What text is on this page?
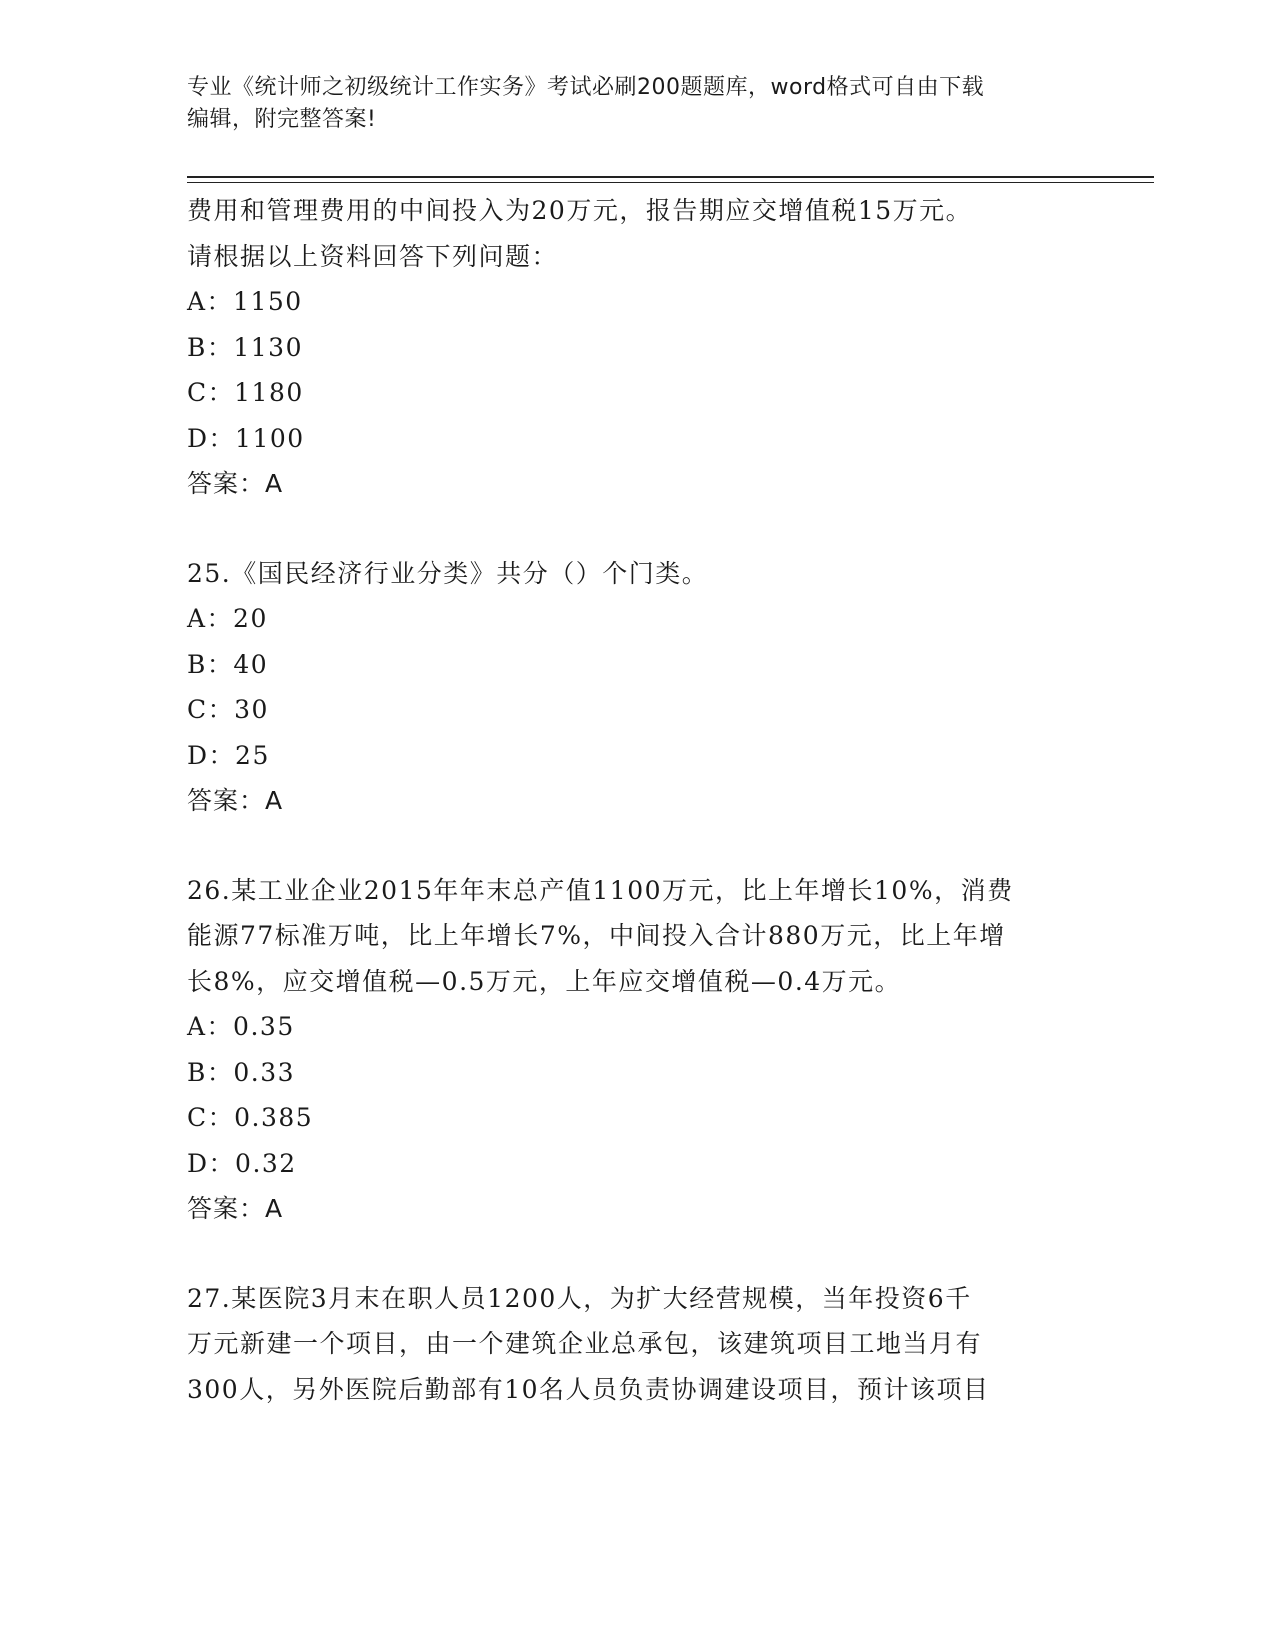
专业《统计师之初级统计工作实务》考试必刷200题题库，word格式可自由下载
编辑，附完整答案!
费用和管理费用的中间投入为20万元，报告期应交增值税15万元。
请根据以上资料回答下列问题：
A：1150
B：1130
C：1180
D：1100
答案：A
25.《国民经济行业分类》共分（）个门类。
A：20
B：40
C：30
D：25
答案：A
26.某工业企业2015年年末总产值1100万元，比上年增长10%，消费
能源77标准万吨，比上年增长7%，中间投入合计880万元，比上年增
长8%，应交增值税—0.5万元，上年应交增值税—0.4万元。
A：0.35
B：0.33
C：0.385
D：0.32
答案：A
27.某医院3月末在职人员1200人，为扩大经营规模，当年投资6千
万元新建一个项目，由一个建筑企业总承包，该建筑项目工地当月有
300人，另外医院后勤部有10名人员负责协调建设项目，预计该项目
